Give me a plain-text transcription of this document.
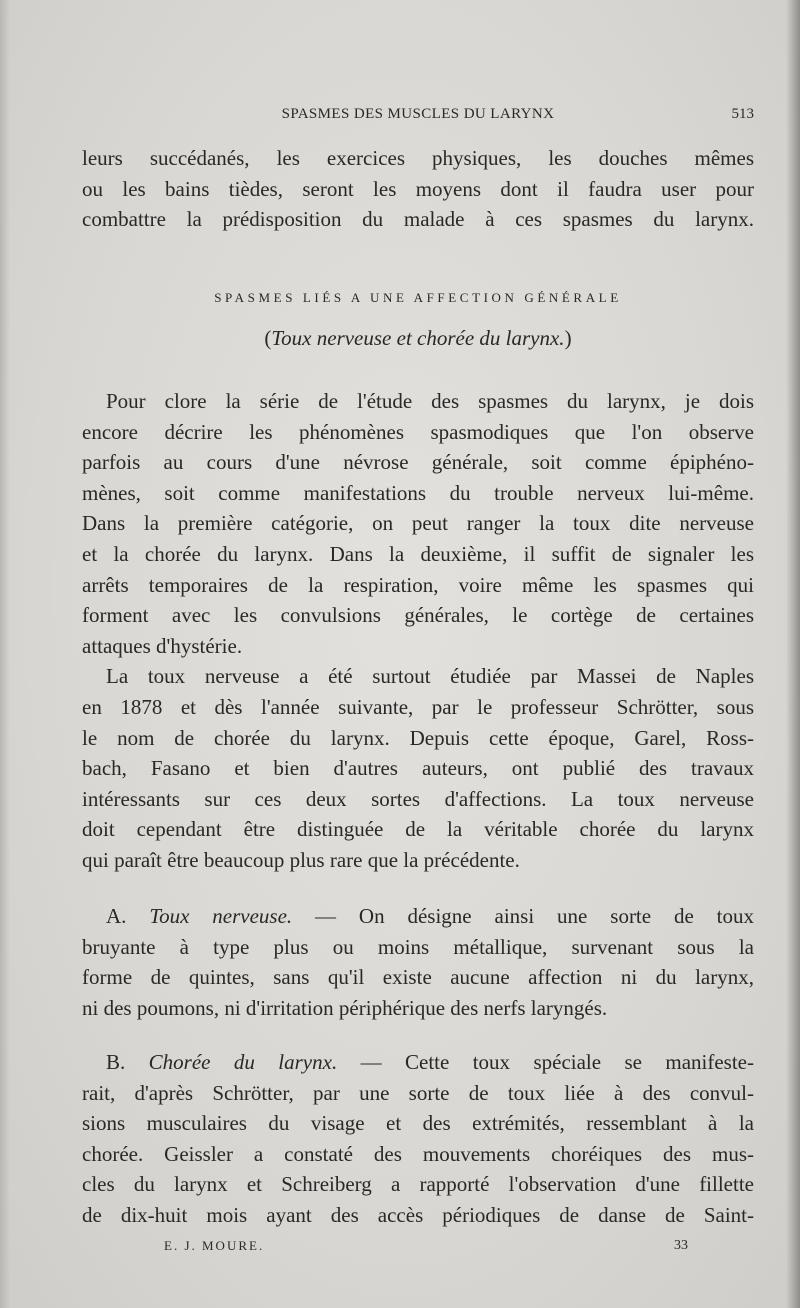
SPASMES DES MUSCLES DU LARYNX	513
leurs succédanés, les exercices physiques, les douches mêmes
ou les bains tièdes, seront les moyens dont il faudra user pour
combattre la prédisposition du malade à ces spasmes du larynx.
SPASMES LIÉS A UNE AFFECTION GÉNÉRALE
(Toux nerveuse et chorée du larynx.)
Pour clore la série de l'étude des spasmes du larynx, je dois
encore décrire les phénomènes spasmodiques que l'on observe
parfois au cours d'une névrose générale, soit comme épiphéno-
mènes, soit comme manifestations du trouble nerveux lui-même.
Dans la première catégorie, on peut ranger la toux dite nerveuse
et la chorée du larynx. Dans la deuxième, il suffit de signaler les
arrêts temporaires de la respiration, voire même les spasmes qui
forment avec les convulsions générales, le cortège de certaines
attaques d'hystérie.
La toux nerveuse a été surtout étudiée par Massei de Naples
en 1878 et dès l'année suivante, par le professeur Schrötter, sous
le nom de chorée du larynx. Depuis cette époque, Garel, Ross-
bach, Fasano et bien d'autres auteurs, ont publié des travaux
intéressants sur ces deux sortes d'affections. La toux nerveuse
doit cependant être distinguée de la véritable chorée du larynx
qui paraît être beaucoup plus rare que la précédente.
A. Toux nerveuse. — On désigne ainsi une sorte de toux
bruyante à type plus ou moins métallique, survenant sous la
forme de quintes, sans qu'il existe aucune affection ni du larynx,
ni des poumons, ni d'irritation périphérique des nerfs laryngés.
B. Chorée du larynx. — Cette toux spéciale se manifeste-
rait, d'après Schrötter, par une sorte de toux liée à des convul-
sions musculaires du visage et des extrémités, ressemblant à la
chorée. Geissler a constaté des mouvements choréiques des mus-
cles du larynx et Schreiberg a rapporté l'observation d'une fillette
de dix-huit mois ayant des accès périodiques de danse de Saint-
E. J. MOURE.	33
